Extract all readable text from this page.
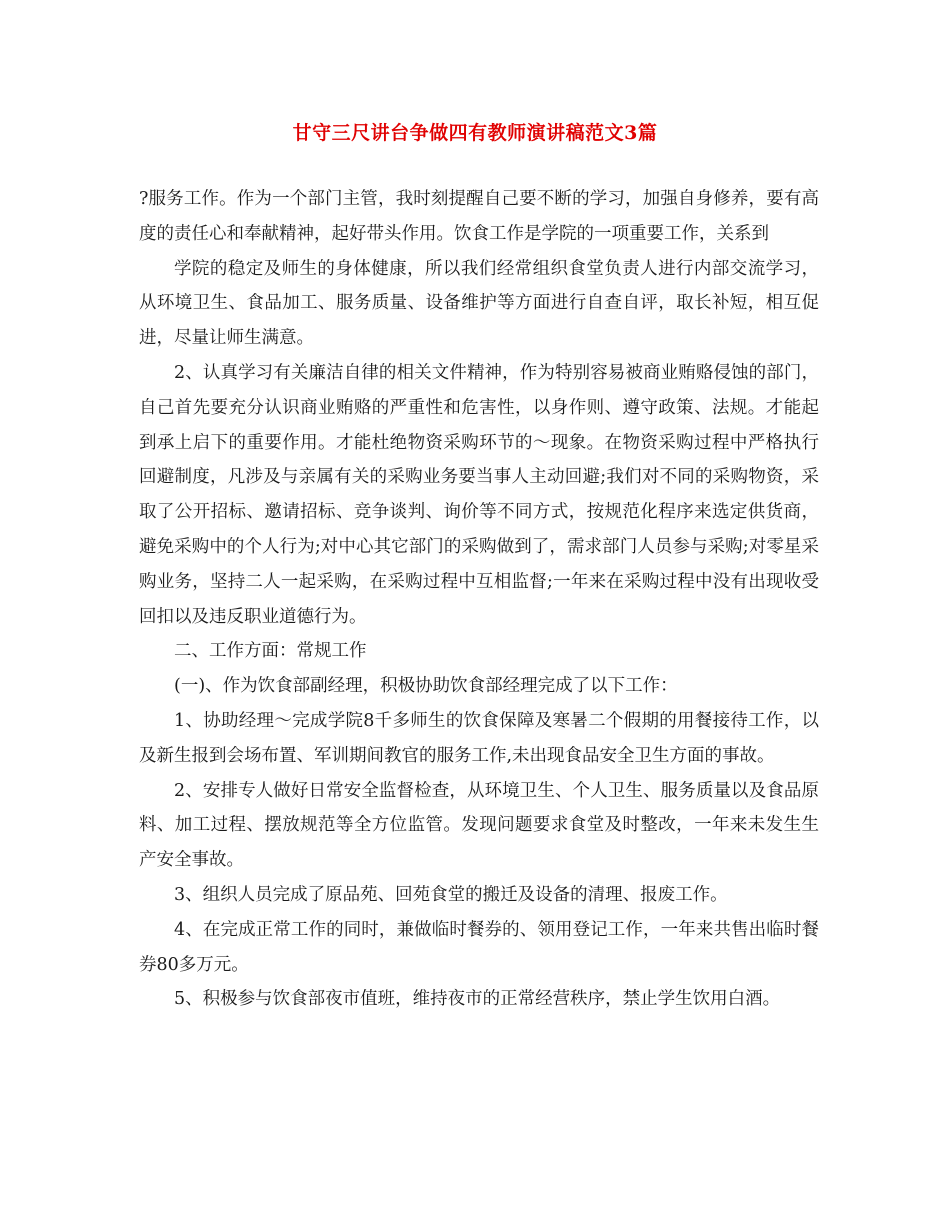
甘守三尺讲台争做四有教师演讲稿范文3篇

?服务工作。作为一个部门主管，我时刻提醒自己要不断的学习，加强自身修养，要有高度的责任心和奉献精神，起好带头作用。饮食工作是学院的一项重要工作，关系到

学院的稳定及师生的身体健康，所以我们经常组织食堂负责人进行内部交流学习，从环境卫生、食品加工、服务质量、设备维护等方面进行自查自评，取长补短，相互促进，尽量让师生满意。

2、认真学习有关廉洁自律的相关文件精神，作为特别容易被商业贿赂侵蚀的部门，自己首先要充分认识商业贿赂的严重性和危害性，以身作则、遵守政策、法规。才能起到承上启下的重要作用。才能杜绝物资采购环节的～现象。在物资采购过程中严格执行回避制度，凡涉及与亲属有关的采购业务要当事人主动回避;我们对不同的采购物资，采取了公开招标、邀请招标、竞争谈判、询价等不同方式，按规范化程序来选定供货商，避免采购中的个人行为;对中心其它部门的采购做到了，需求部门人员参与采购;对零星采购业务，坚持二人一起采购，在采购过程中互相监督;一年来在采购过程中没有出现收受回扣以及违反职业道德行为。

二、工作方面：常规工作

(一)、作为饮食部副经理，积极协助饮食部经理完成了以下工作：

1、协助经理～完成学院8千多师生的饮食保障及寒暑二个假期的用餐接待工作，以及新生报到会场布置、军训期间教官的服务工作,未出现食品安全卫生方面的事故。

2、安排专人做好日常安全监督检查，从环境卫生、个人卫生、服务质量以及食品原料、加工过程、摆放规范等全方位监管。发现问题要求食堂及时整改，一年来未发生生产安全事故。

3、组织人员完成了原品苑、回苑食堂的搬迁及设备的清理、报废工作。

4、在完成正常工作的同时，兼做临时餐券的、领用登记工作，一年来共售出临时餐券80多万元。

5、积极参与饮食部夜市值班，维持夜市的正常经营秩序，禁止学生饮用白酒。
